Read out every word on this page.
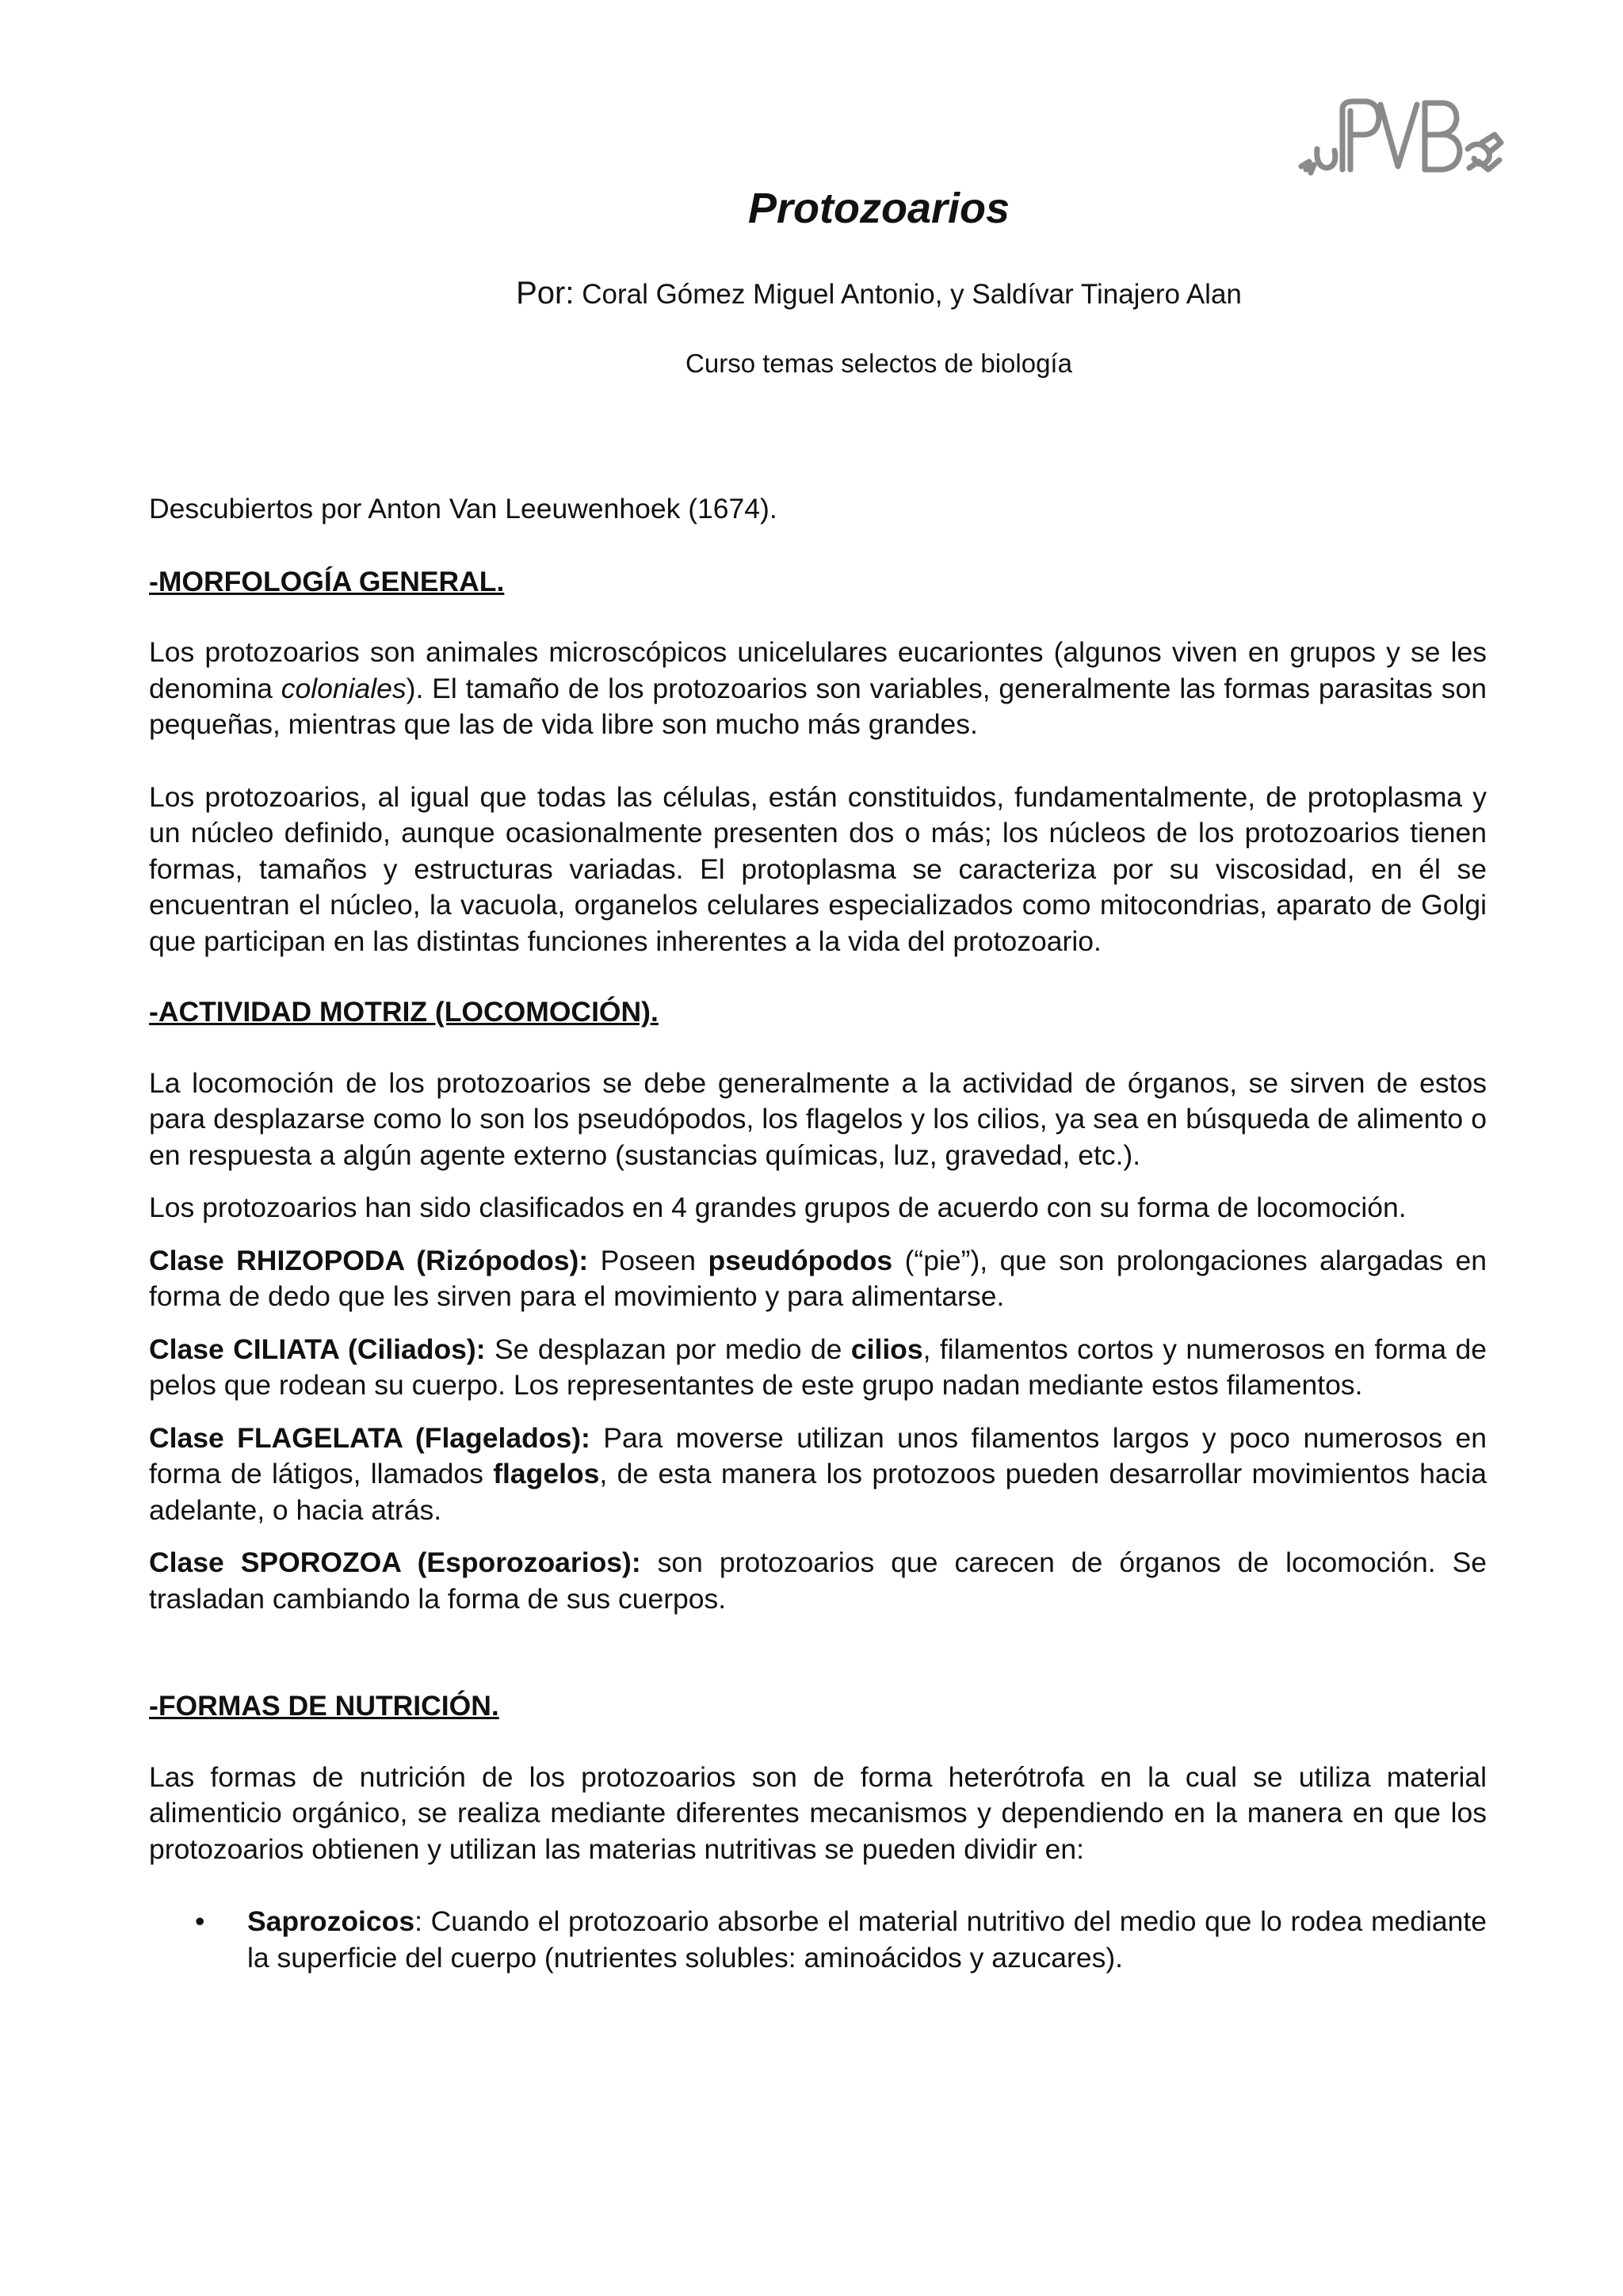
PVB
Protozoarios
Por: Coral Gómez Miguel Antonio, y Saldívar Tinajero Alan
Curso temas selectos de biología

Descubiertos por Anton Van Leeuwenhoek (1674).

-MORFOLOGÍA GENERAL.

Los protozoarios son animales microscópicos unicelulares eucariontes (algunos viven en grupos y se les denomina coloniales). El tamaño de los protozoarios son variables, generalmente las formas parasitas son pequeñas, mientras que las de vida libre son mucho más grandes.

Los protozoarios, al igual que todas las células, están constituidos, fundamentalmente, de protoplasma y un núcleo definido, aunque ocasionalmente presenten dos o más; los núcleos de los protozoarios tienen formas, tamaños y estructuras variadas. El protoplasma se caracteriza por su viscosidad, en él se encuentran el núcleo, la vacuola, organelos celulares especializados como mitocondrias, aparato de Golgi que participan en las distintas funciones inherentes a la vida del protozoario.

-ACTIVIDAD MOTRIZ (LOCOMOCIÓN).

La locomoción de los protozoarios se debe generalmente a la actividad de órganos, se sirven de estos para desplazarse como lo son los pseudópodos, los flagelos y los cilios, ya sea en búsqueda de alimento o en respuesta a algún agente externo (sustancias químicas, luz, gravedad, etc.).

Los protozoarios han sido clasificados en 4 grandes grupos de acuerdo con su forma de locomoción.

Clase RHIZOPODA (Rizópodos): Poseen pseudópodos (“pie”), que son prolongaciones alargadas en forma de dedo que les sirven para el movimiento y para alimentarse.

Clase CILIATA (Ciliados): Se desplazan por medio de cilios, filamentos cortos y numerosos en forma de pelos que rodean su cuerpo. Los representantes de este grupo nadan mediante estos filamentos.

Clase FLAGELATA (Flagelados): Para moverse utilizan unos filamentos largos y poco numerosos en forma de látigos, llamados flagelos, de esta manera los protozoos pueden desarrollar movimientos hacia adelante, o hacia atrás.

Clase SPOROZOA (Esporozoarios): son protozoarios que carecen de órganos de locomoción. Se trasladan cambiando la forma de sus cuerpos.

-FORMAS DE NUTRICIÓN.

Las formas de nutrición de los protozoarios son de forma heterótrofa en la cual se utiliza material alimenticio orgánico, se realiza mediante diferentes mecanismos y dependiendo en la manera en que los protozoarios obtienen y utilizan las materias nutritivas se pueden dividir en:

• Saprozoicos: Cuando el protozoario absorbe el material nutritivo del medio que lo rodea mediante la superficie del cuerpo (nutrientes solubles: aminoácidos y azucares).
